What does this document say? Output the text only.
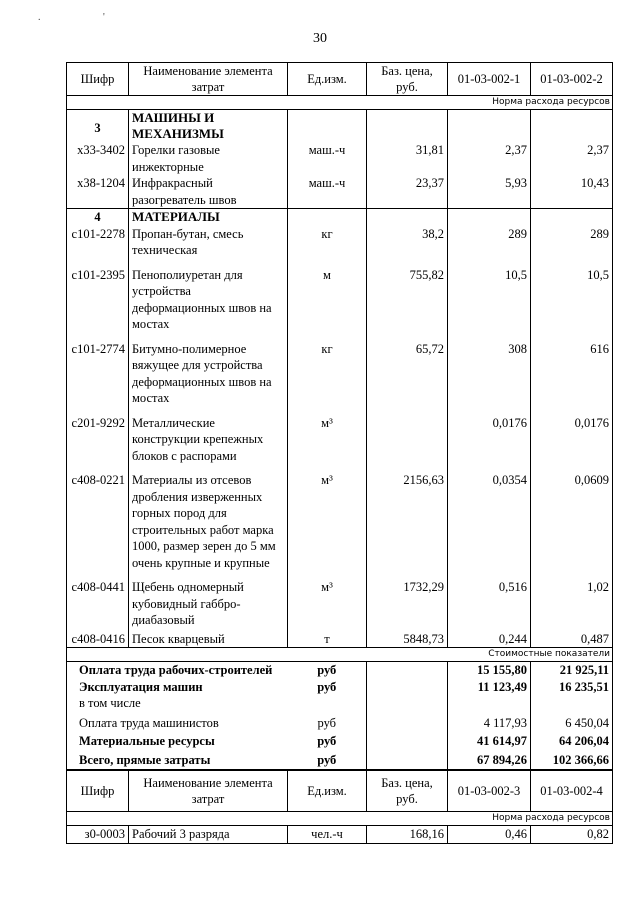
. '
30
Шифр	Наименование элемента затрат	Ед.изм.	Баз. цена, руб.	01-03-002-1	01-03-002-2
Норма расхода ресурсов					
3	МАШИНЫ И МЕХАНИЗМЫ				
х33-3402	Горелки газовые инжекторные	маш.-ч	31,81	2,37	2,37
х38-1204	Инфракрасный разогреватель швов	маш.-ч	23,37	5,93	10,43
4	МАТЕРИАЛЫ				
с101-2278	Пропан-бутан, смесь техническая	кг	38,2	289	289
с101-2395	Пенополиуретан для устройства деформационных швов на мостах	м	755,82	10,5	10,5
с101-2774	Битумно-полимерное вяжущее для устройства деформационных швов на мостах	кг	65,72	308	616
с201-9292	Металлические конструкции крепежных блоков с распорами	м³		0,0176	0,0176
с408-0221	Материалы из отсевов дробления изверженных горных пород для строительных работ марка 1000, размер зерен до 5 мм очень крупные и крупные	м³	2156,63	0,0354	0,0609
с408-0441	Щебень одномерный кубовидный габбро-диабазовый	м³	1732,29	0,516	1,02
с408-0416	Песок кварцевый	т	5848,73	0,244	0,487
Стоимостные показатели					
Оплата труда рабочих-строителей		руб		15 155,80	21 925,11
Эксплуатация машин		руб		11 123,49	16 235,51
в том числе					
Оплата труда машинистов		руб		4 117,93	6 450,04
Материальные ресурсы		руб		41 614,97	64 206,04
Всего, прямые затраты		руб		67 894,26	102 366,66
Шифр	Наименование элемента затрат	Ед.изм.	Баз. цена, руб.	01-03-002-3	01-03-002-4
Норма расхода ресурсов					
з0-0003	Рабочий 3 разряда	чел.-ч	168,16	0,46	0,82
